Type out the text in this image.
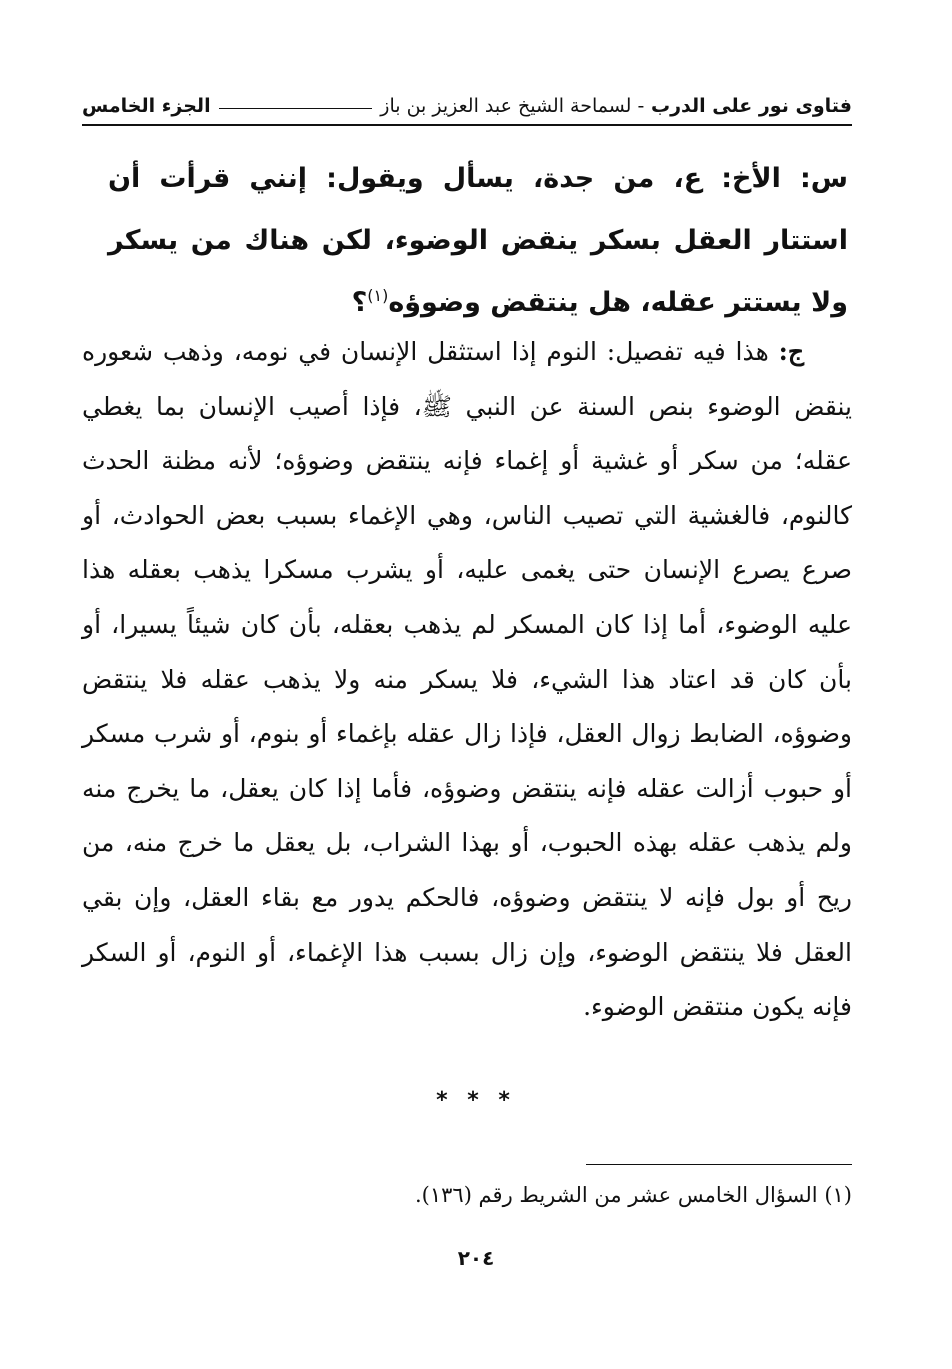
فتاوى نور على الدرب - لسماحة الشيخ عبد العزيز بن باز
الجزء الخامس
س: الأخ: ع، من جدة، يسأل ويقول: إنني قرأت أن استتار العقل بسكر ينقض الوضوء، لكن هناك من يسكر ولا يستتر عقله، هل ينتقض وضوؤه$^{(١)}$؟
ج: هذا فيه تفصيل: النوم إذا استثقل الإنسان في نومه، وذهب شعوره ينقض الوضوء بنص السنة عن النبي ﷺ، فإذا أصيب الإنسان بما يغطي عقله؛ من سكر أو غشية أو إغماء فإنه ينتقض وضوؤه؛ لأنه مظنة الحدث كالنوم، فالغشية التي تصيب الناس، وهي الإغماء بسبب بعض الحوادث، أو صرع يصرع الإنسان حتى يغمى عليه، أو يشرب مسكرا يذهب بعقله هذا عليه الوضوء، أما إذا كان المسكر لم يذهب بعقله، بأن كان شيئاً يسيرا، أو بأن كان قد اعتاد هذا الشيء، فلا يسكر منه ولا يذهب عقله فلا ينتقض وضوؤه، الضابط زوال العقل، فإذا زال عقله بإغماء أو بنوم، أو شرب مسكر أو حبوب أزالت عقله فإنه ينتقض وضوؤه، فأما إذا كان يعقل، ما يخرج منه ولم يذهب عقله بهذه الحبوب، أو بهذا الشراب، بل يعقل ما خرج منه، من ريح أو بول فإنه لا ينتقض وضوؤه، فالحكم يدور مع بقاء العقل، وإن بقي العقل فلا ينتقض الوضوء، وإن زال بسبب هذا الإغماء، أو النوم، أو السكر فإنه يكون منتقض الوضوء.
* * *
(١) السؤال الخامس عشر من الشريط رقم (١٣٦).
٢٠٤
